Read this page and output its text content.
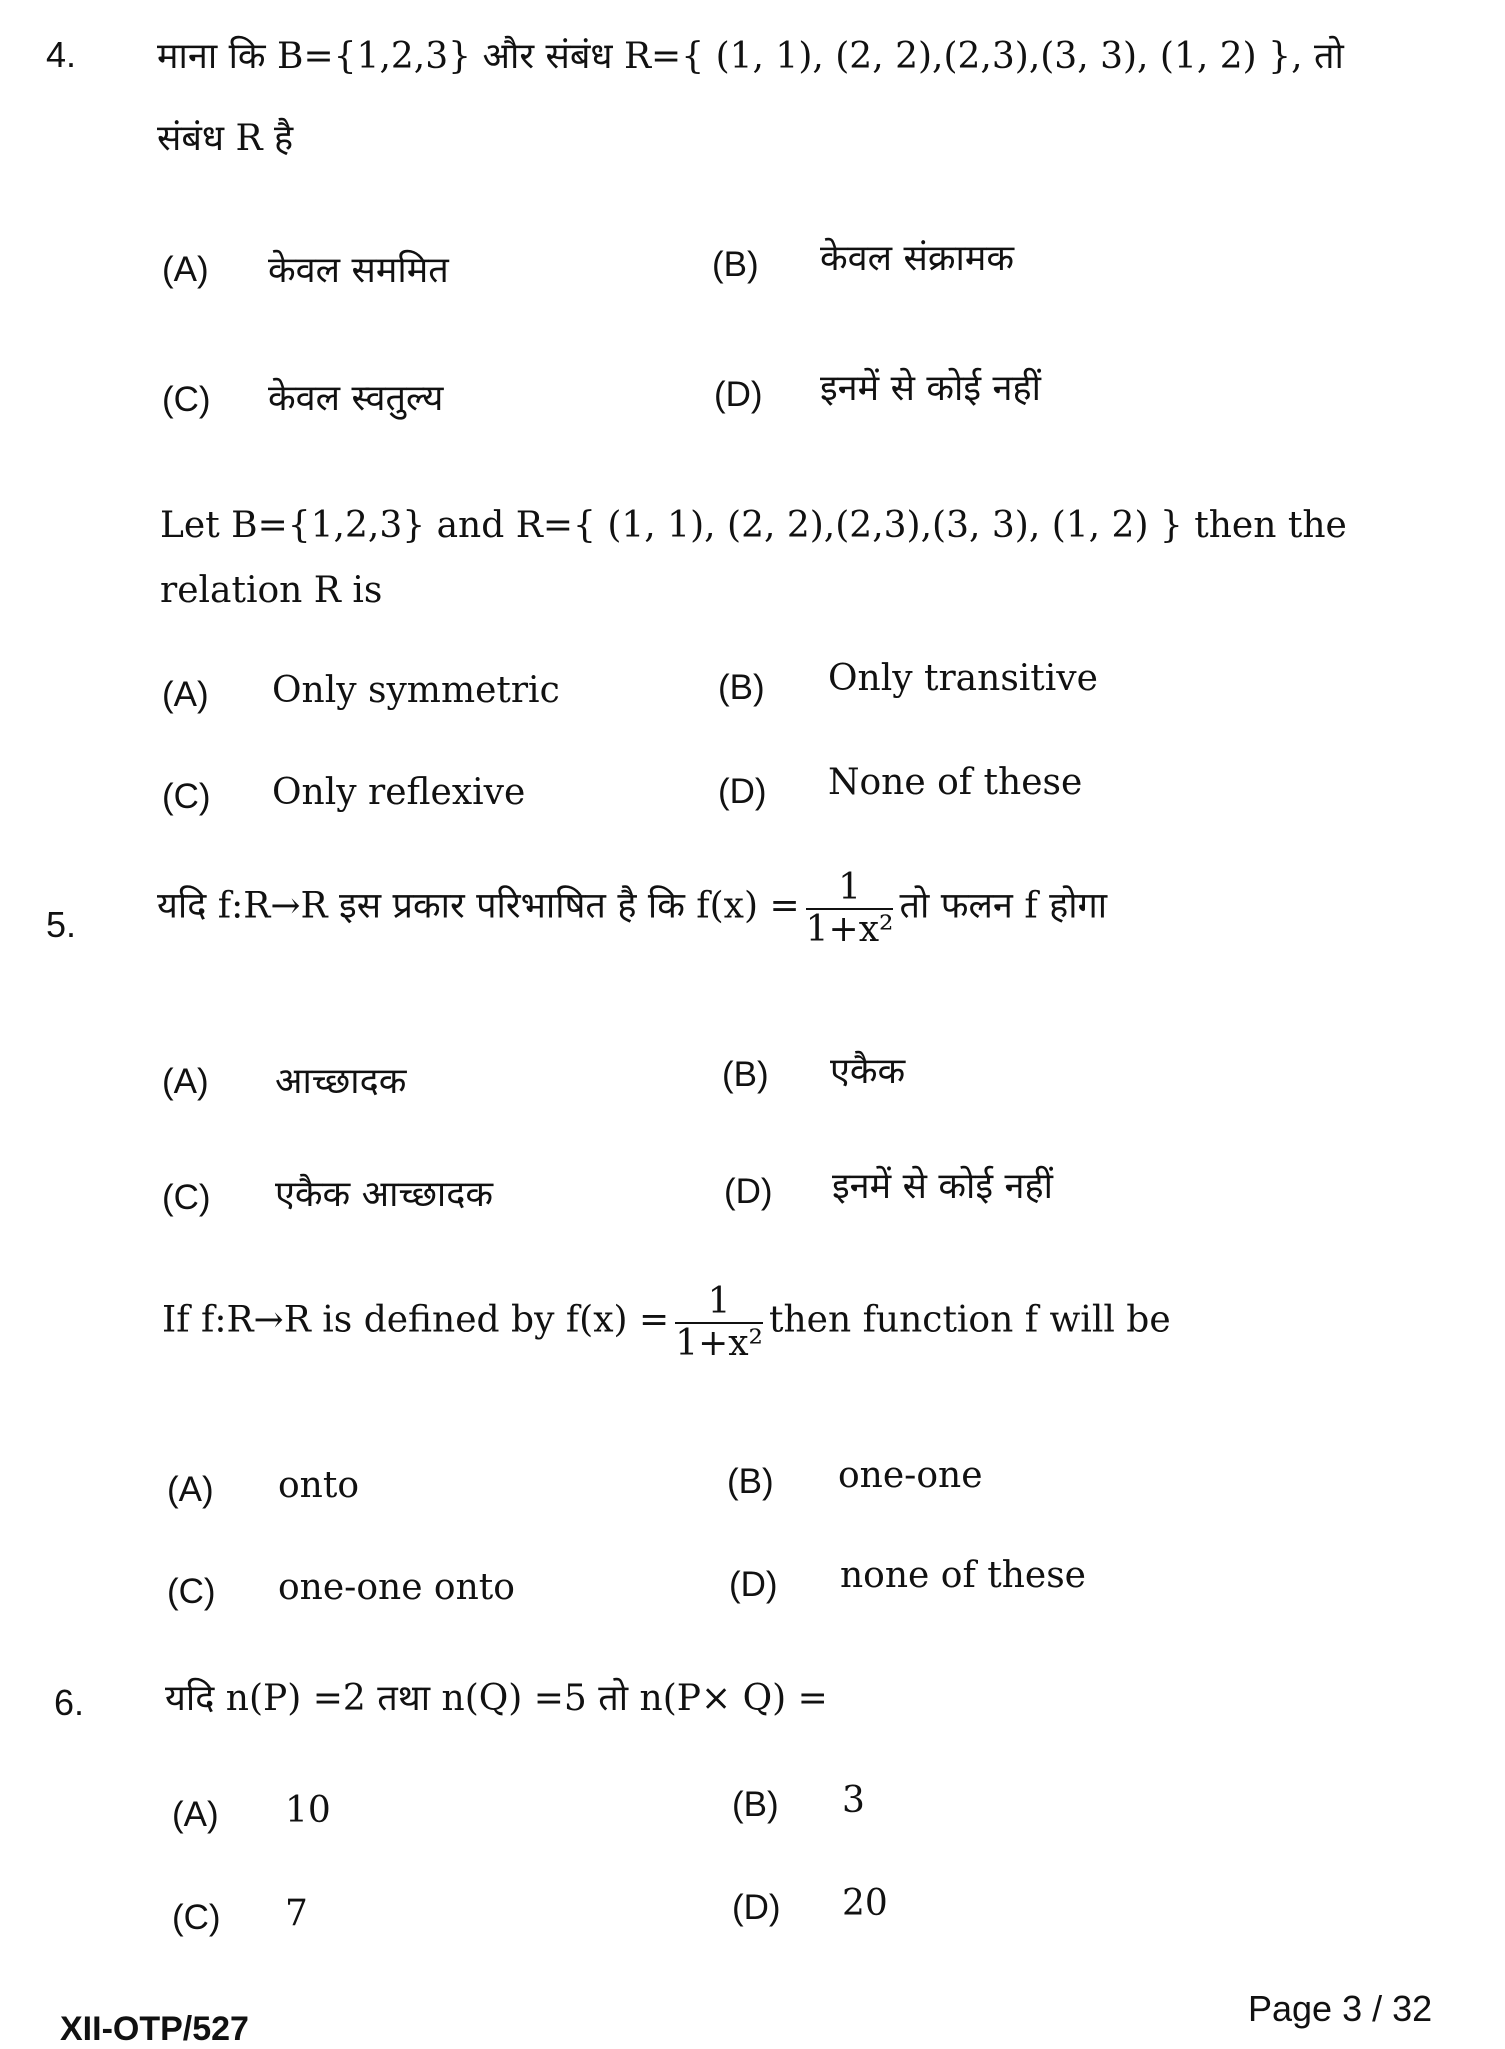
4. माना कि B={1,2,3} और संबंध R={ (1, 1), (2, 2),(2,3),(3, 3), (1, 2) }, तो
संबंध R है
(A) केवल सममित	(B) केवल संक्रामक
(C) केवल स्वतुल्य	(D) इनमें से कोई नहीं
Let B={1,2,3} and R={ (1, 1), (2, 2),(2,3),(3, 3), (1, 2) } then the
relation R is
(A) Only symmetric	(B) Only transitive
(C) Only reflexive	(D) None of these
5. यदि f:R→R इस प्रकार परिभाषित है कि $f(x) = \frac{1}{\text{1+x²}}$ तो फलन f होगा
(A) आच्छादक	(B) एकैक
(C) एकैक आच्छादक	(D) इनमें से कोई नहीं
If f:R→R is defined by $f(x) = \frac{1}{\text{1+x²}}$ then function f will be
(A) onto	(B) one-one
(C) one-one onto	(D) none of these
6. यदि n(P) =2 तथा n(Q) =5 तो n(P× Q) =
(A) 10	(B) 3
(C) 7	(D) 20
XII-OTP/527	Page 3 / 32
